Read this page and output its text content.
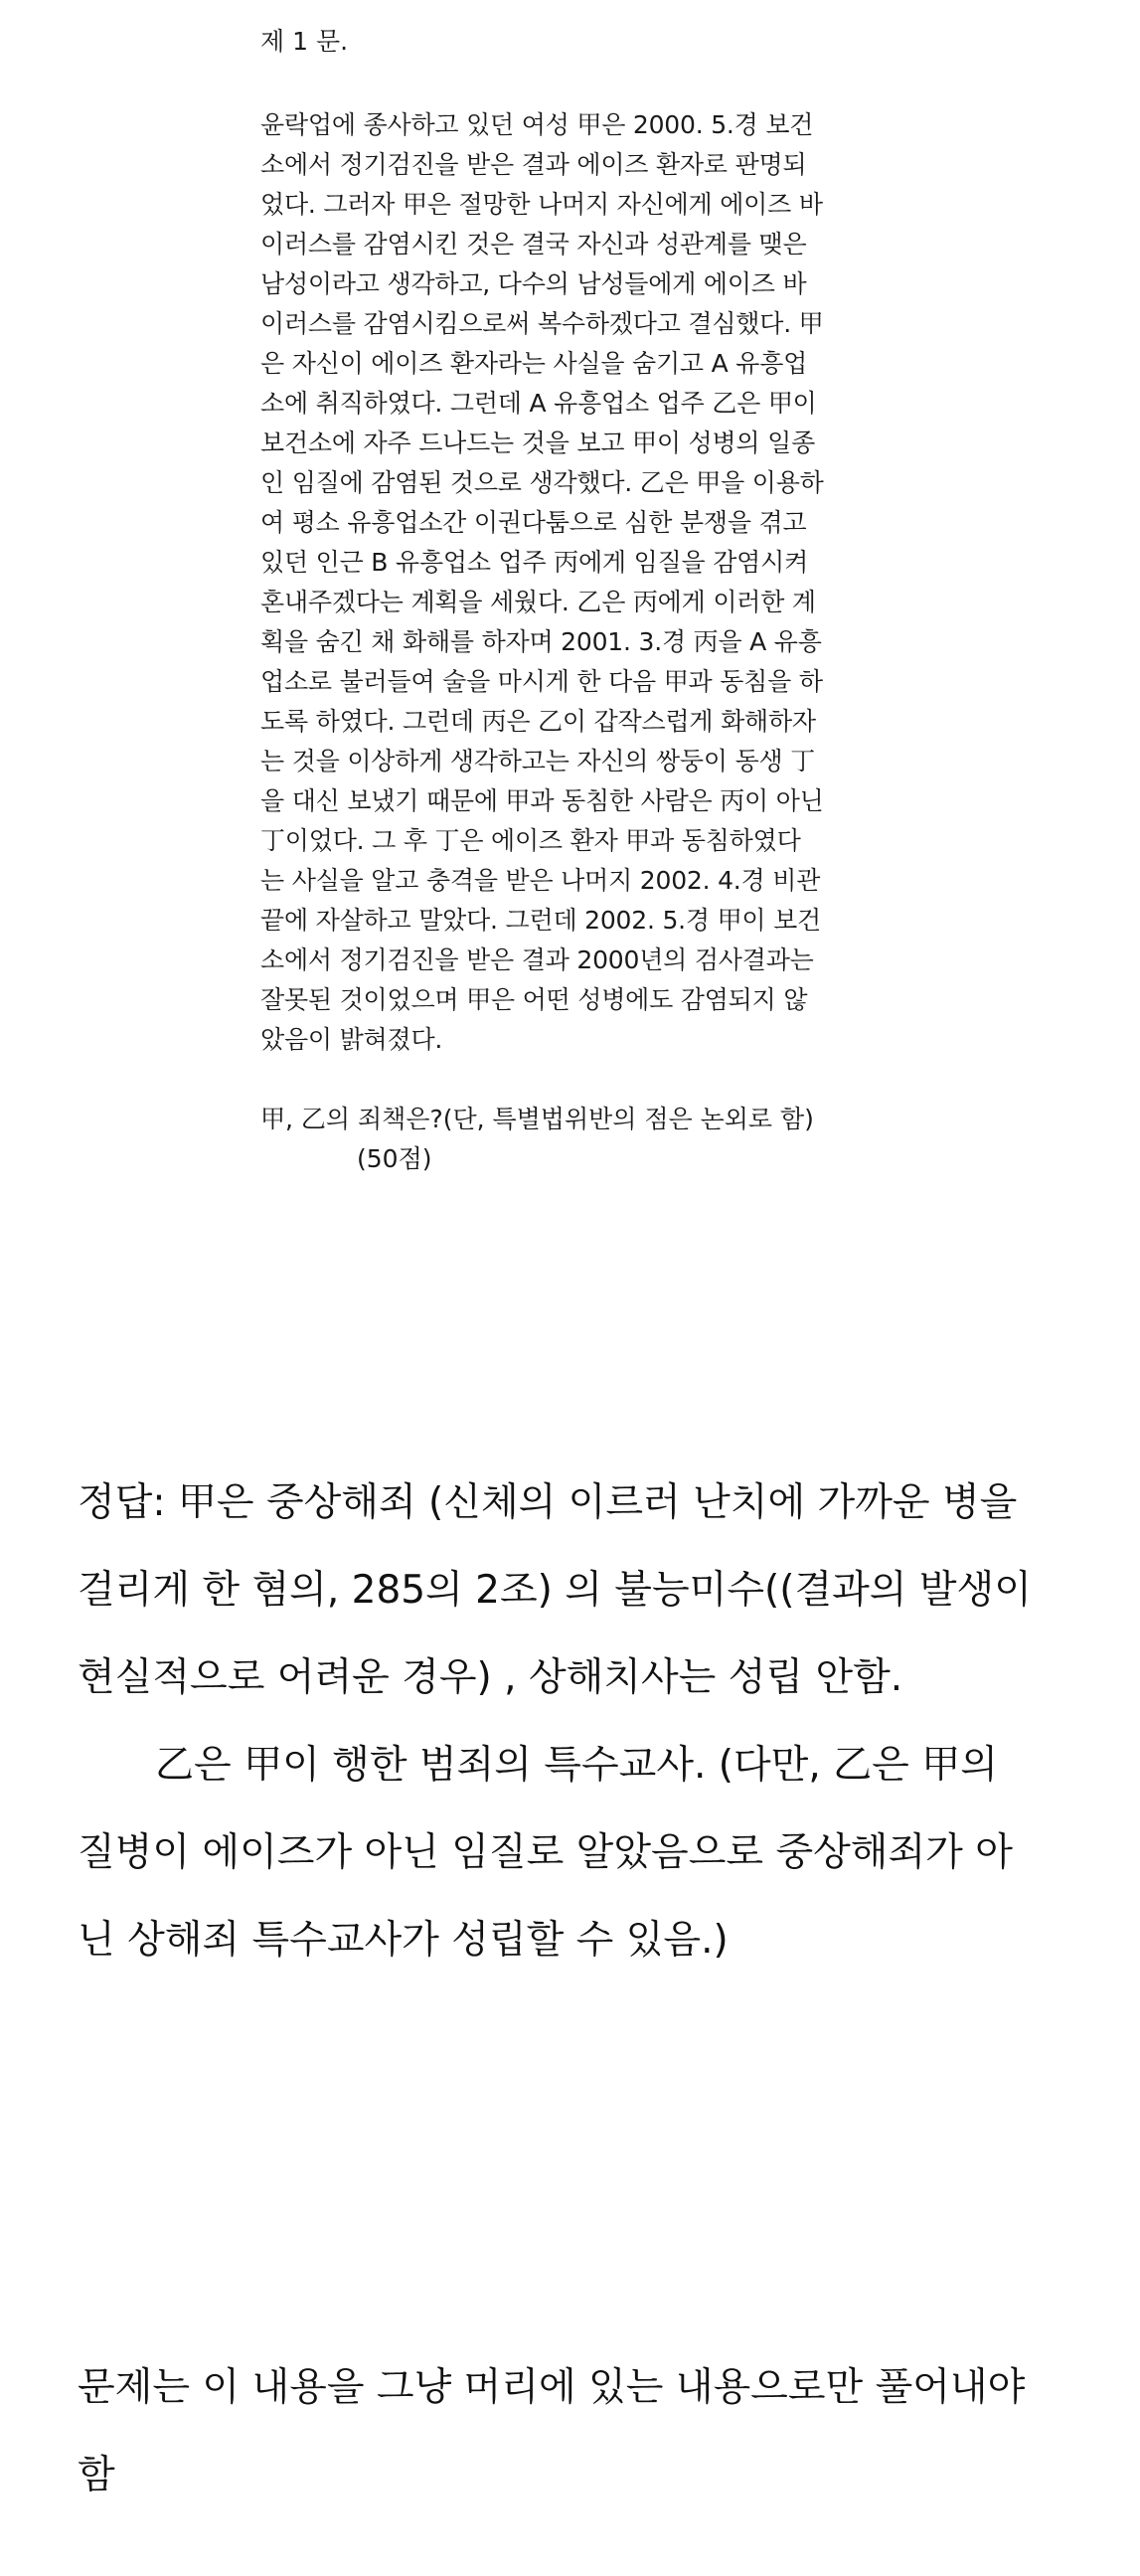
제 1 문.
윤락업에 종사하고 있던 여성 甲은 2000. 5.경 보건
소에서 정기검진을 받은 결과 에이즈 환자로 판명되
었다. 그러자 甲은 절망한 나머지 자신에게 에이즈 바
이러스를 감염시킨 것은 결국 자신과 성관계를 맺은
남성이라고 생각하고, 다수의 남성들에게 에이즈 바
이러스를 감염시킴으로써 복수하겠다고 결심했다. 甲
은 자신이 에이즈 환자라는 사실을 숨기고 A 유흥업
소에 취직하였다. 그런데 A 유흥업소 업주 乙은 甲이
보건소에 자주 드나드는 것을 보고 甲이 성병의 일종
인 임질에 감염된 것으로 생각했다. 乙은 甲을 이용하
여 평소 유흥업소간 이권다툼으로 심한 분쟁을 겪고
있던 인근 B 유흥업소 업주 丙에게 임질을 감염시켜
혼내주겠다는 계획을 세웠다. 乙은 丙에게 이러한 계
획을 숨긴 채 화해를 하자며 2001. 3.경 丙을 A 유흥
업소로 불러들여 술을 마시게 한 다음 甲과 동침을 하
도록 하였다. 그런데 丙은 乙이 갑작스럽게 화해하자
는 것을 이상하게 생각하고는 자신의 쌍둥이 동생 丁
을 대신 보냈기 때문에 甲과 동침한 사람은 丙이 아닌
丁이었다. 그 후 丁은 에이즈 환자 甲과 동침하였다
는 사실을 알고 충격을 받은 나머지 2002. 4.경 비관
끝에 자살하고 말았다. 그런데 2002. 5.경 甲이 보건
소에서 정기검진을 받은 결과 2000년의 검사결과는
잘못된 것이었으며 甲은 어떤 성병에도 감염되지 않
았음이 밝혀졌다.
甲, 乙의 죄책은?(단, 특별법위반의 점은 논외로 함)
(50점)
정답: 甲은 중상해죄 (신체의 이르러 난치에 가까운 병을
걸리게 한 혐의, 285의 2조) 의 불능미수((결과의 발생이
현실적으로 어려운 경우) , 상해치사는 성립 안함.
乙은 甲이 행한 범죄의 특수교사. (다만, 乙은 甲의
질병이 에이즈가 아닌 임질로 알았음으로 중상해죄가 아
닌 상해죄 특수교사가 성립할 수 있음.)
문제는 이 내용을 그냥 머리에 있는 내용으로만 풀어내야
함
